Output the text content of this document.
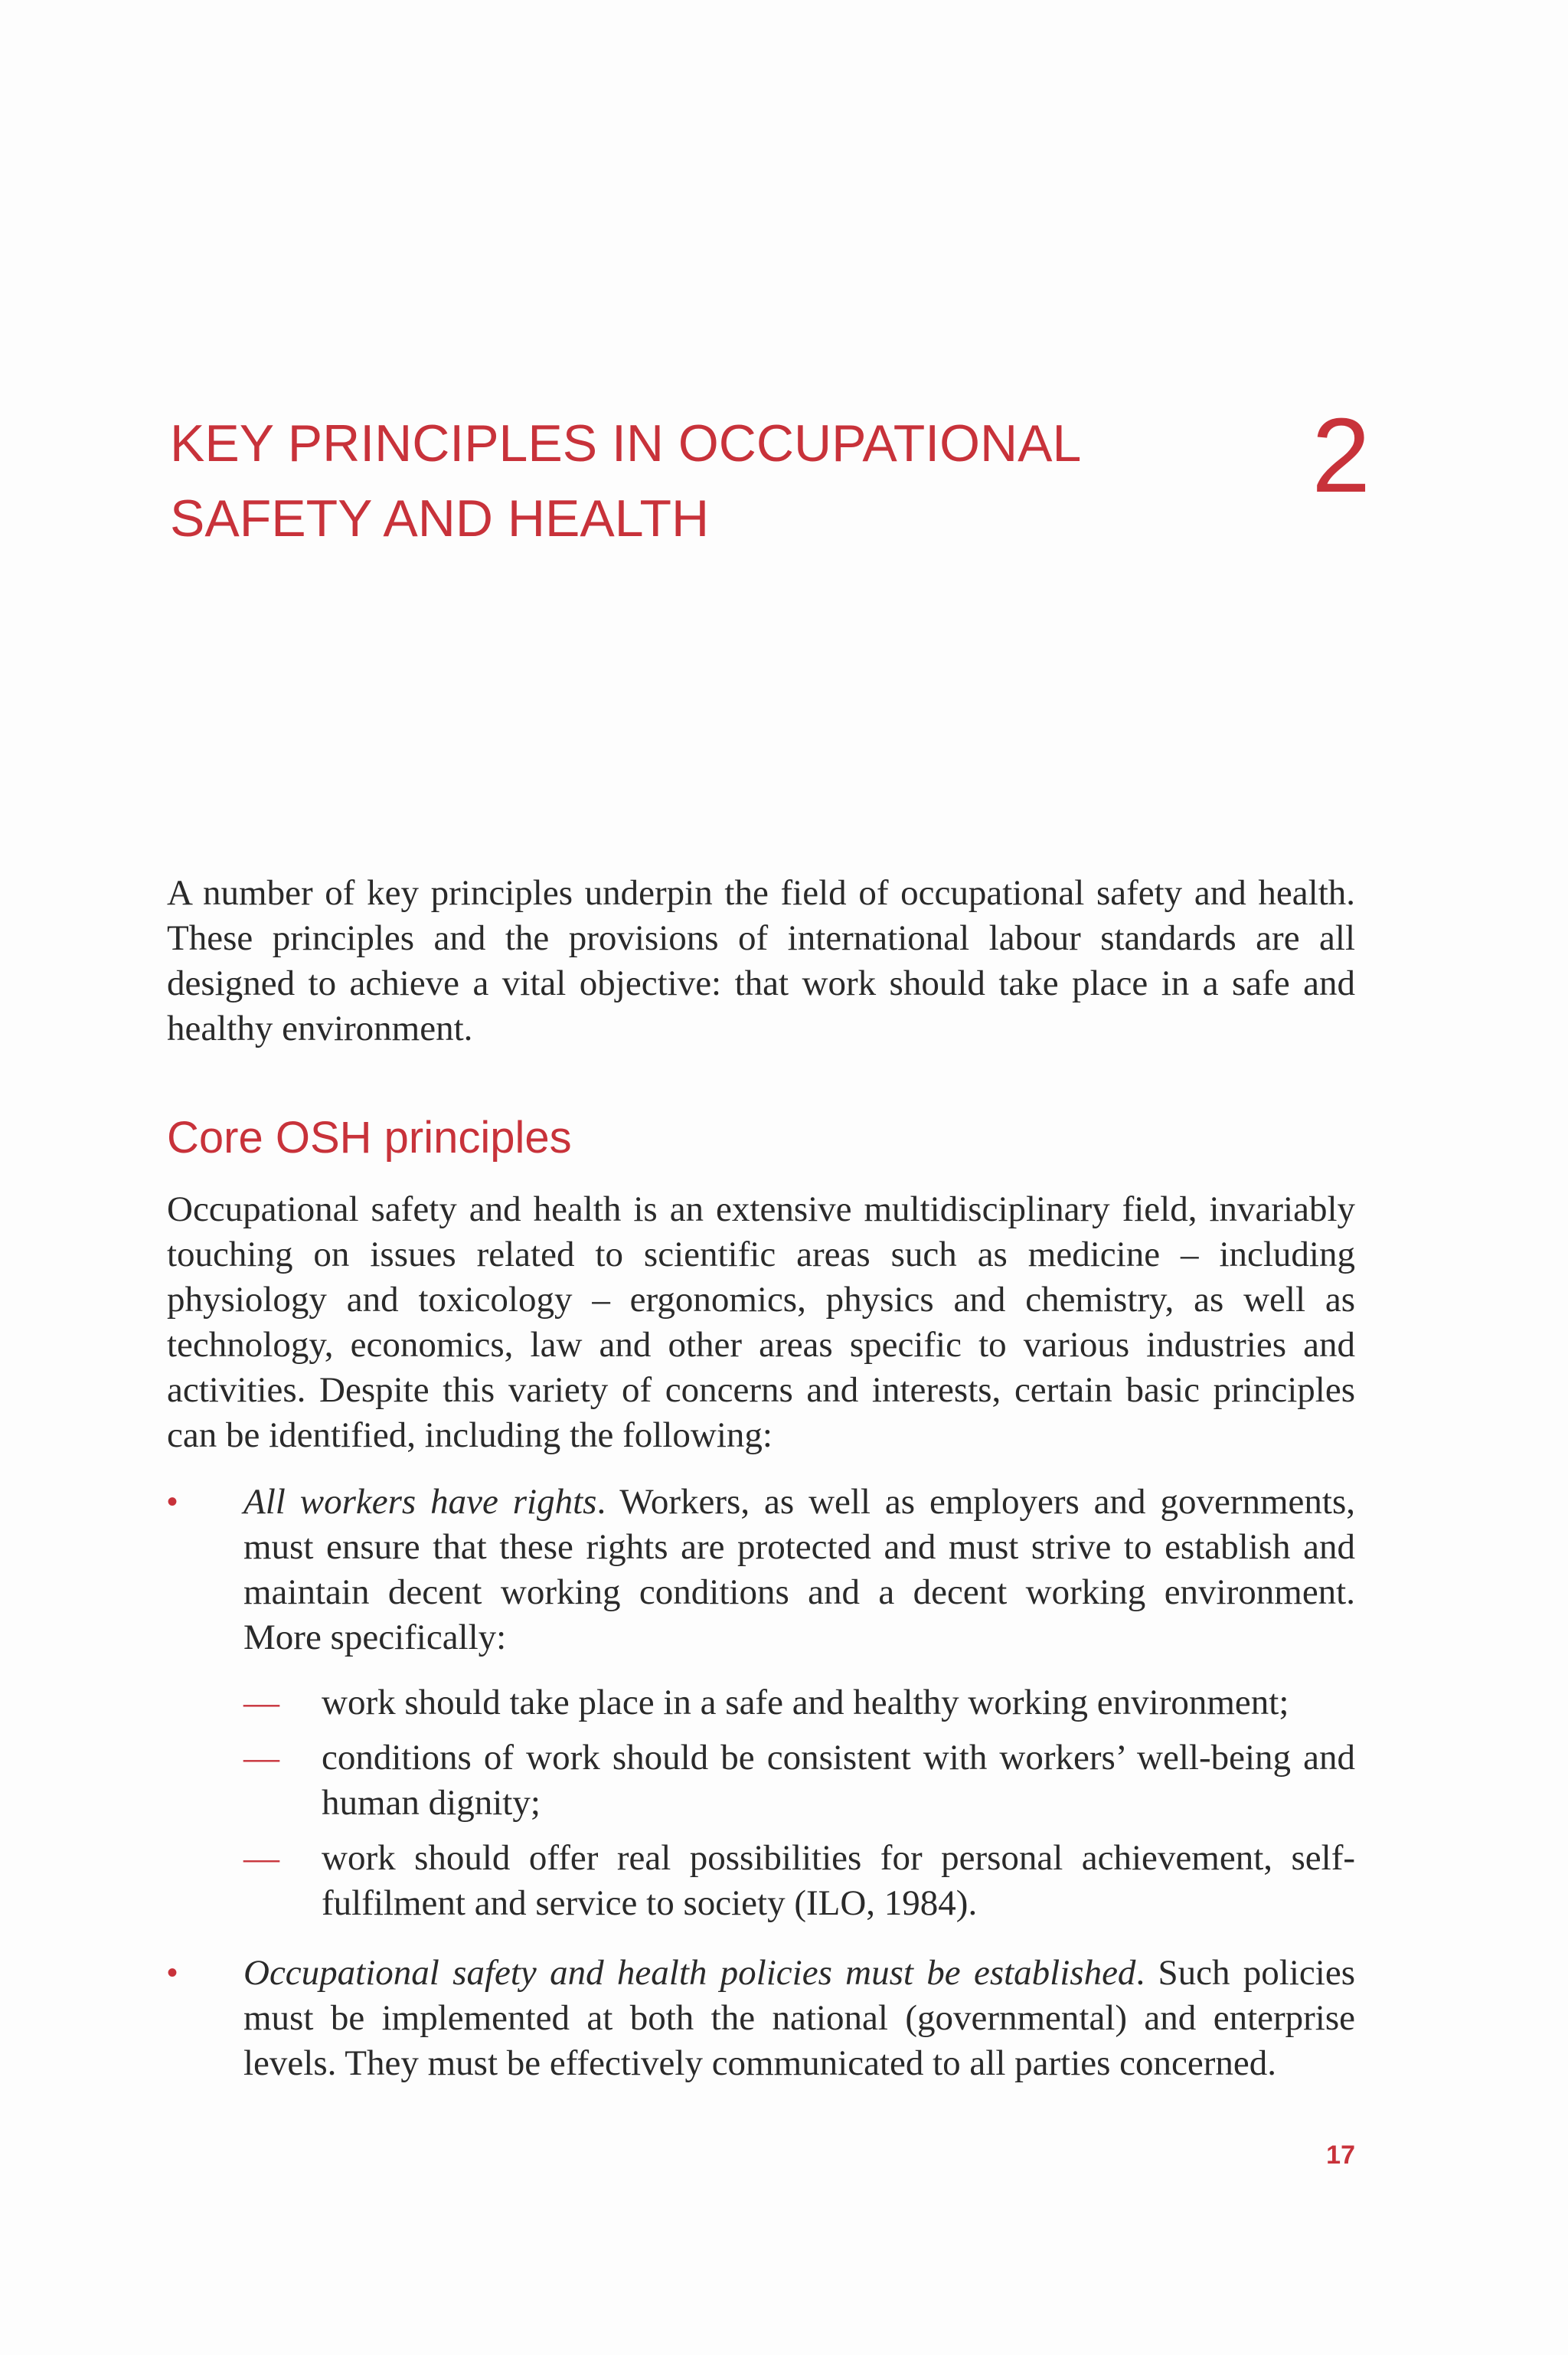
KEY PRINCIPLES IN OCCUPATIONAL
SAFETY AND HEALTH
2

A number of key principles underpin the field of occupational safety and health. These principles and the provisions of international labour standards are all designed to achieve a vital objective: that work should take place in a safe and healthy environment.

Core OSH principles

Occupational safety and health is an extensive multidisciplinary field, invariably touching on issues related to scientific areas such as medicine – including physiology and toxicology – ergonomics, physics and chemistry, as well as technology, economics, law and other areas specific to various industries and activities. Despite this variety of concerns and interests, certain basic principles can be identified, including the following:

•	All workers have rights. Workers, as well as employers and governments, must ensure that these rights are protected and must strive to establish and maintain decent working conditions and a decent working environment. More specifically:

— work should take place in a safe and healthy working environment;

— conditions of work should be consistent with workers’ well-being and human dignity;

— work should offer real possibilities for personal achievement, self-fulfilment and service to society (ILO, 1984).

•	Occupational safety and health policies must be established. Such policies must be implemented at both the national (governmental) and enterprise levels. They must be effectively communicated to all parties concerned.

17
